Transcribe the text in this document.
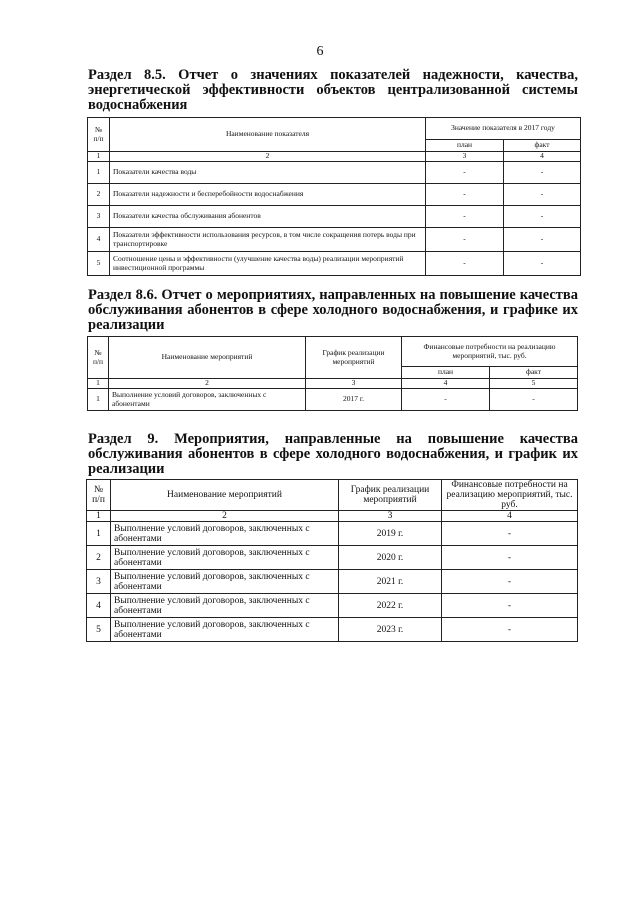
6
Раздел 8.5. Отчет о значениях показателей надежности, качества, энергетической эффективности объектов централизованной системы водоснабжения
№ п/п	Наименование показателя	Значение показателя в 2017 году	
		план	факт
1	2	3	4
1	Показатели качества воды	-	-
2	Показатели надежности и бесперебойности водоснабжения	-	-
3	Показатели качества обслуживания абонентов	-	-
4	Показатели эффективности использования ресурсов, в том числе сокращения потерь воды при транспортировке	-	-
5	Соотношение цены и эффективности (улучшение качества воды) реализации мероприятий инвестиционной программы	-	-
Раздел 8.6. Отчет о мероприятиях, направленных на повышение качества обслуживания абонентов в сфере холодного водоснабжения, и графике их реализации
№ п/п	Наименование мероприятий	График реализации мероприятий	Финансовые потребности на реализацию мероприятий, тыс. руб.	
			план	факт
1	2	3	4	5
1	Выполнение условий договоров, заключенных с абонентами	2017 г.	-	-
Раздел 9. Мероприятия, направленные на повышение качества обслуживания абонентов в сфере холодного водоснабжения, и график их реализации
№ п/п	Наименование мероприятий	График реализации мероприятий	Финансовые потребности на реализацию мероприятий, тыс. руб.
1	2	3	4
1	Выполнение условий договоров, заключенных с абонентами	2019 г.	-
2	Выполнение условий договоров, заключенных с абонентами	2020 г.	-
3	Выполнение условий договоров, заключенных с абонентами	2021 г.	-
4	Выполнение условий договоров, заключенных с абонентами	2022 г.	-
5	Выполнение условий договоров, заключенных с абонентами	2023 г.	-
